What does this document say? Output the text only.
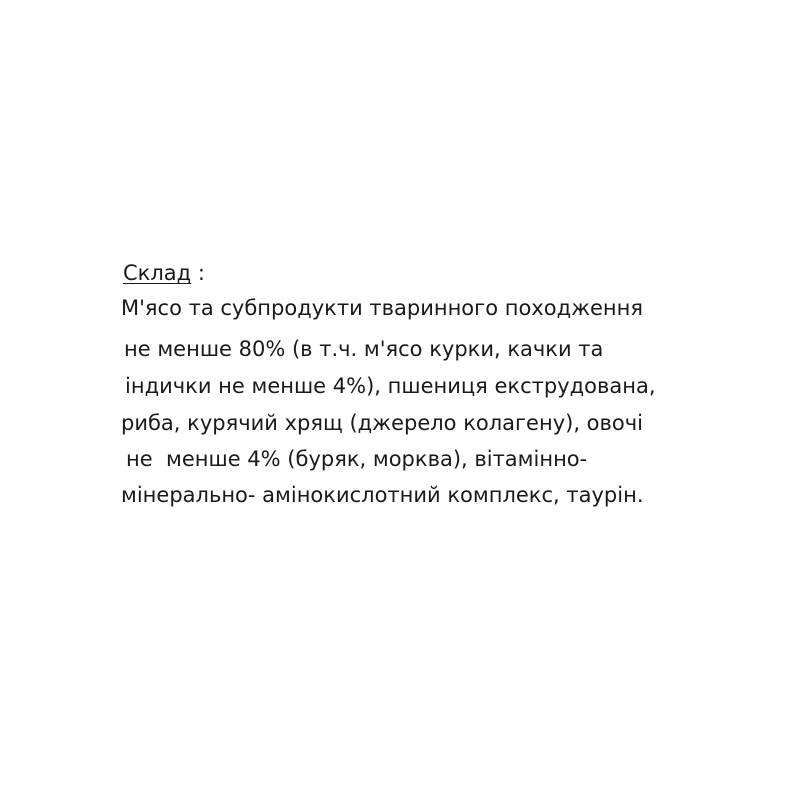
Склад :

М'ясо та субпродукти тваринного походження

не менше 80% (в т.ч. м'ясо курки, качки та

індички не менше 4%), пшениця екструдована,

риба, курячий хрящ (джерело колагену), овочі

не  менше 4% (буряк, морква), вітамінно-

мінерально- амінокислотний комплекс, таурін.
